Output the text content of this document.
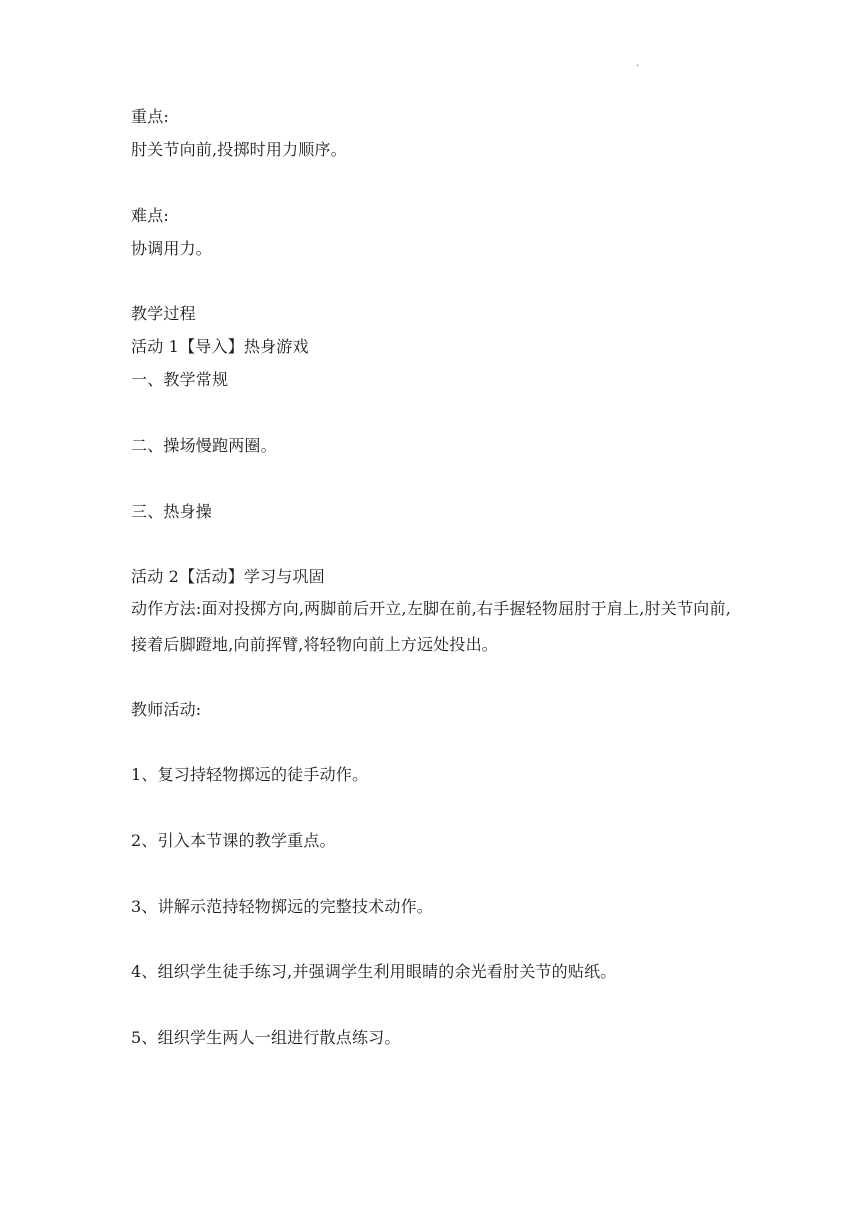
.
重点:
肘关节向前,投掷时用力顺序。
难点:
协调用力。
教学过程
活动 1【导入】热身游戏
一、教学常规
二、操场慢跑两圈。
三、热身操
活动 2【活动】学习与巩固
动作方法:面对投掷方向,两脚前后开立,左脚在前,右手握轻物屈肘于肩上,肘关节向前,接着后脚蹬地,向前挥臂,将轻物向前上方远处投出。
教师活动:
1、复习持轻物掷远的徒手动作。
2、引入本节课的教学重点。
3、讲解示范持轻物掷远的完整技术动作。
4、组织学生徒手练习,并强调学生利用眼睛的余光看肘关节的贴纸。
5、组织学生两人一组进行散点练习。
